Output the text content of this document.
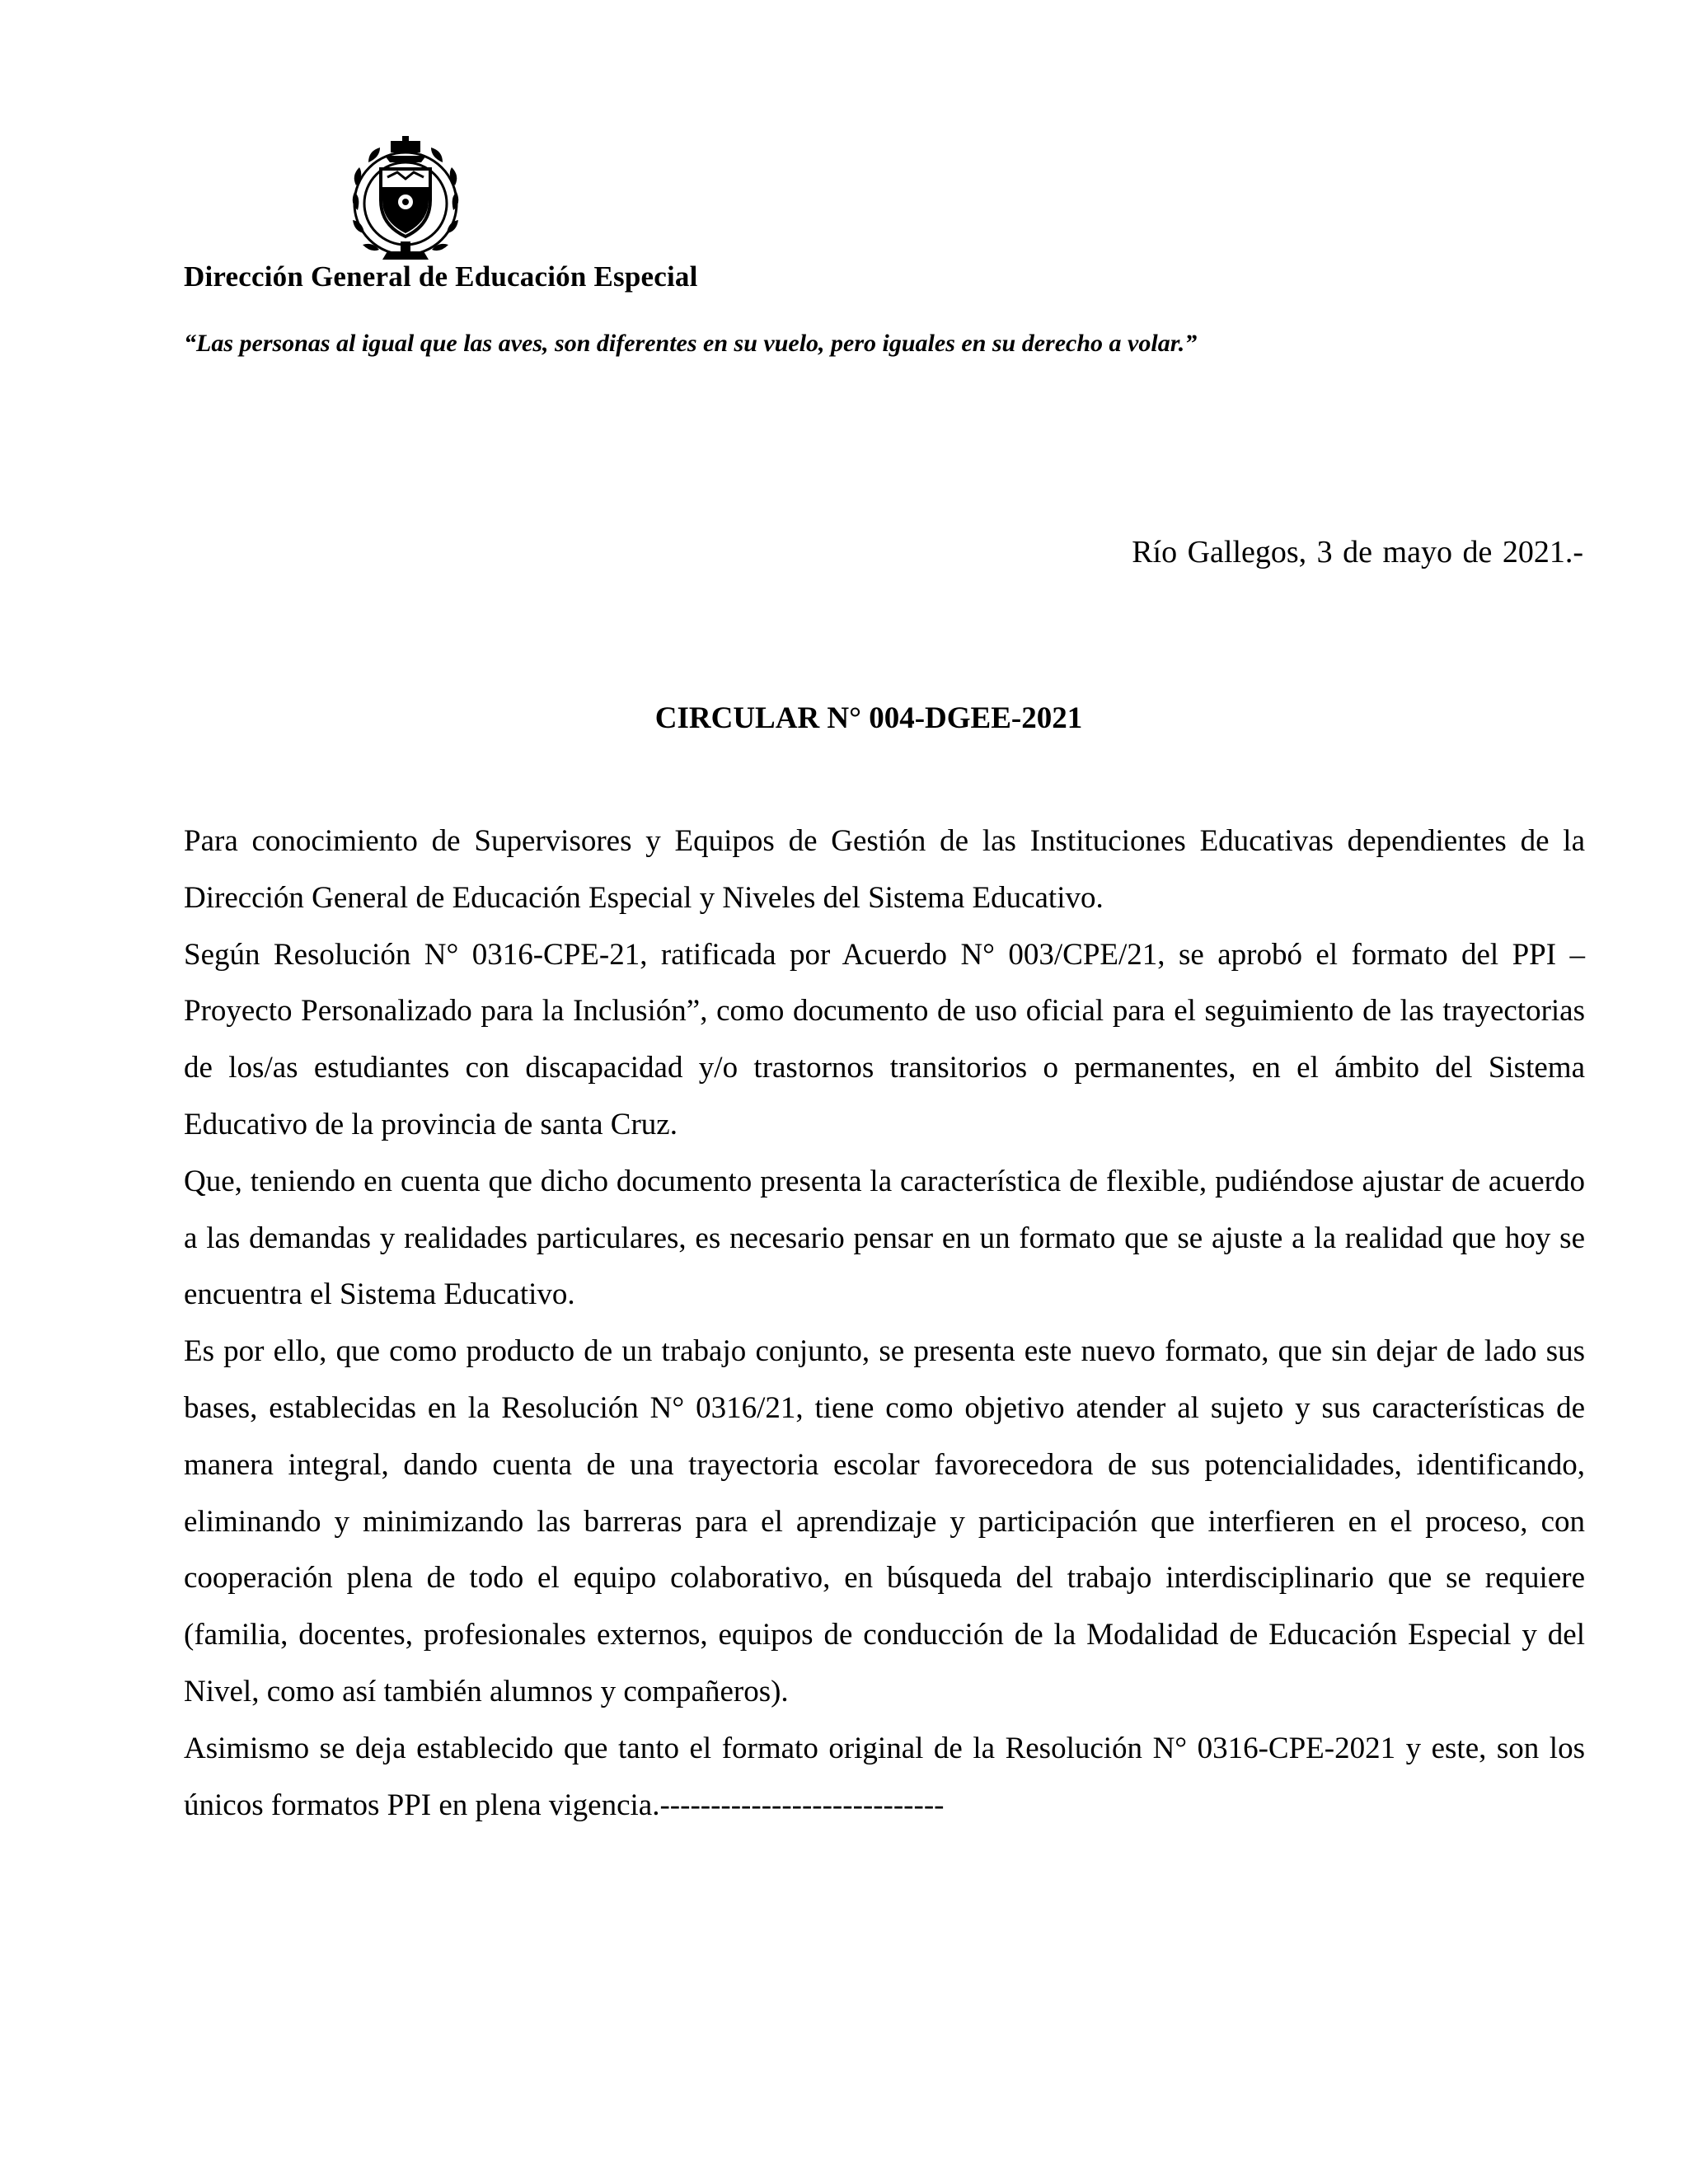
Dirección General de Educación Especial
“Las personas al igual que las aves, son diferentes en su vuelo, pero iguales en su derecho a volar.”
Río Gallegos, 3 de mayo de 2021.-
CIRCULAR N° 004-DGEE-2021

Para conocimiento de Supervisores y Equipos de Gestión de las Instituciones Educativas dependientes de la Dirección General de Educación Especial y Niveles del Sistema Educativo.

Según Resolución N° 0316-CPE-21, ratificada por Acuerdo N° 003/CPE/21, se aprobó el formato del PPI – Proyecto Personalizado para la Inclusión”, como documento de uso oficial para el seguimiento de las trayectorias de los/as estudiantes con discapacidad y/o trastornos transitorios o permanentes, en el ámbito del Sistema Educativo de la provincia de santa Cruz.

Que, teniendo en cuenta que dicho documento presenta la característica de flexible, pudiéndose ajustar de acuerdo a las demandas y realidades particulares, es necesario pensar en un formato que se ajuste a la realidad que hoy se encuentra el Sistema Educativo.

Es por ello, que como producto de un trabajo conjunto, se presenta este nuevo formato, que sin dejar de lado sus bases, establecidas en la Resolución N° 0316/21, tiene como objetivo atender al sujeto y sus características de manera integral, dando cuenta de una trayectoria escolar favorecedora de sus potencialidades, identificando, eliminando y minimizando las barreras para el aprendizaje y participación que interfieren en el proceso, con cooperación plena de todo el equipo colaborativo, en búsqueda del trabajo interdisciplinario que se requiere (familia, docentes, profesionales externos, equipos de conducción de la Modalidad de Educación Especial y del Nivel, como así también alumnos y compañeros).

Asimismo se deja establecido que tanto el formato original de la Resolución N° 0316-CPE-2021 y este, son los únicos formatos PPI en plena vigencia.----------------------------
